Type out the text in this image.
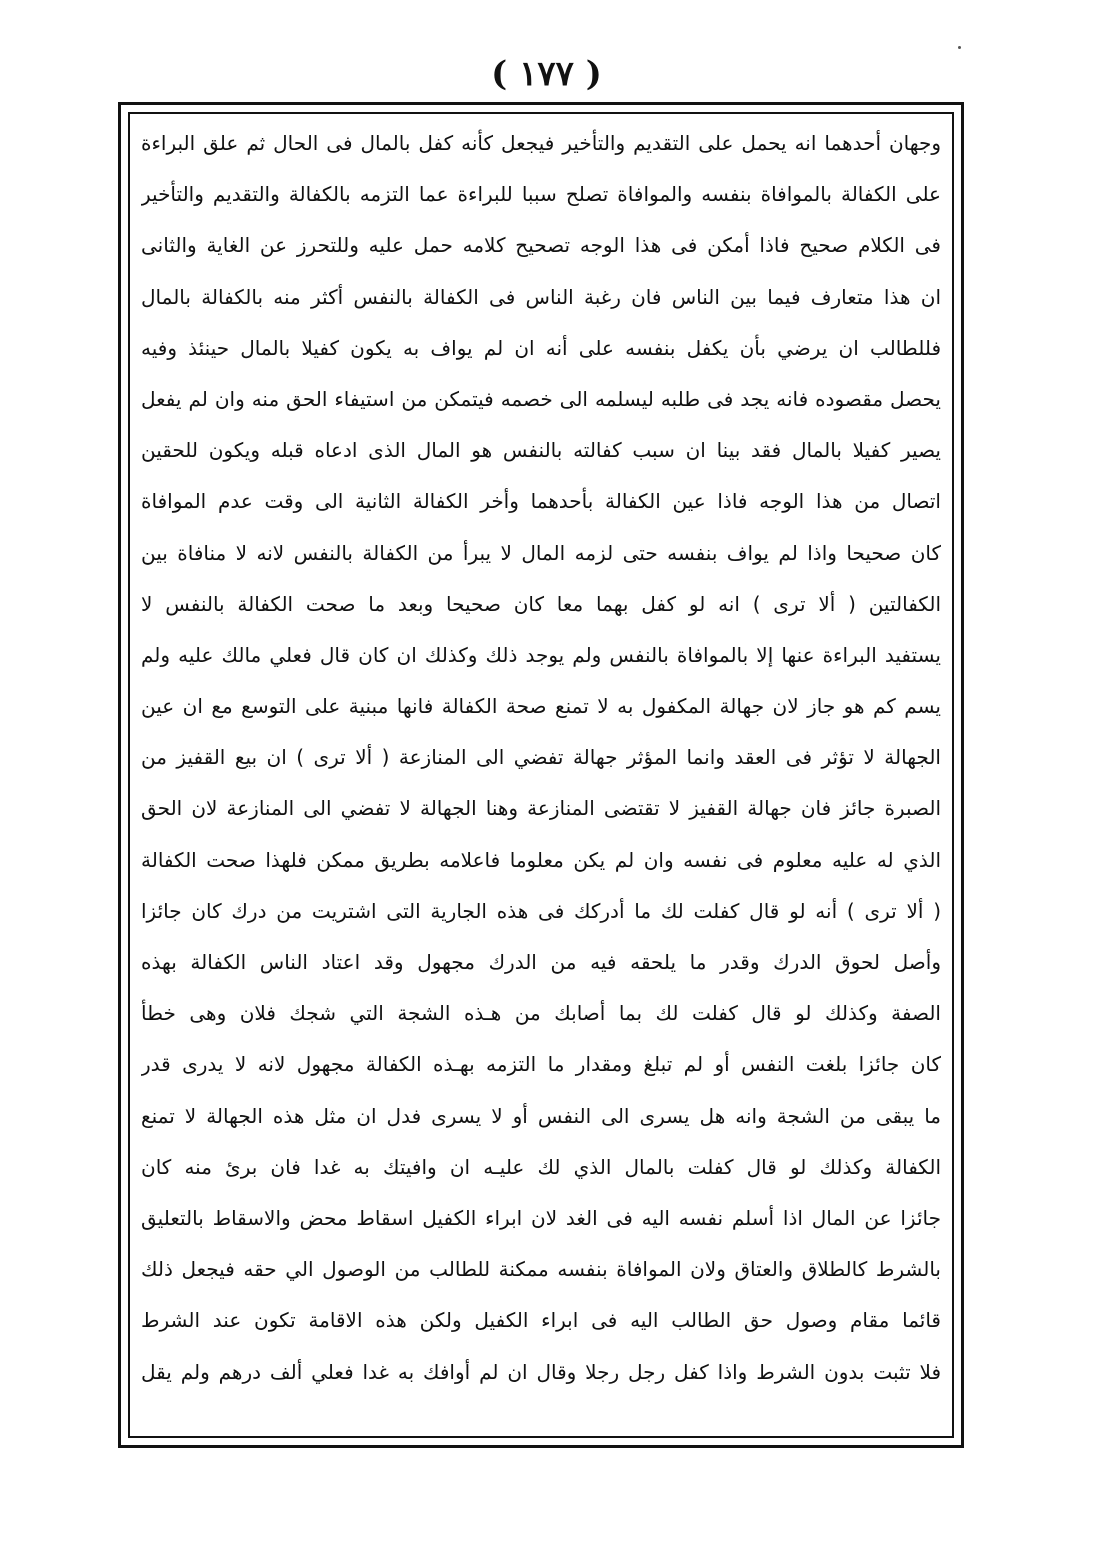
( ١٧٧ )
وجهان أحدهما انه يحمل على التقديم والتأخير فيجعل كأنه كفل بالمال فى الحال ثم علق البراءة
على الكفالة بالموافاة بنفسه والموافاة تصلح سببا للبراءة عما التزمه بالكفالة والتقديم والتأخير
فى الكلام صحيح فاذا أمكن فى هذا الوجه تصحيح كلامه حمل عليه وللتحرز عن الغاية والثانى
ان هذا متعارف فيما بين الناس فان رغبة الناس فى الكفالة بالنفس أكثر منه بالكفالة بالمال
فللطالب ان يرضي بأن يكفل بنفسه على أنه ان لم يواف به يكون كفيلا بالمال حينئذ وفيه
يحصل مقصوده فانه يجد فى طلبه ليسلمه الى خصمه فيتمكن من استيفاء الحق منه وان لم يفعل
يصير كفيلا بالمال فقد بينا ان سبب كفالته بالنفس هو المال الذى ادعاه قبله ويكون للحقين
اتصال من هذا الوجه فاذا عين الكفالة بأحدهما وأخر الكفالة الثانية الى وقت عدم الموافاة
كان صحيحا واذا لم يواف بنفسه حتى لزمه المال لا يبرأ من الكفالة بالنفس لانه لا منافاة بين
الكفالتين ( ألا ترى ) انه لو كفل بهما معا كان صحيحا وبعد ما صحت الكفالة بالنفس لا
يستفيد البراءة عنها إلا بالموافاة بالنفس ولم يوجد ذلك وكذلك ان كان قال فعلي مالك عليه ولم
يسم كم هو جاز لان جهالة المكفول به لا تمنع صحة الكفالة فانها مبنية على التوسع مع ان عين
الجهالة لا تؤثر فى العقد وانما المؤثر جهالة تفضي الى المنازعة ( ألا ترى ) ان بيع القفيز من
الصبرة جائز فان جهالة القفيز لا تقتضى المنازعة وهنا الجهالة لا تفضي الى المنازعة لان الحق
الذي له عليه معلوم فى نفسه وان لم يكن معلوما فاعلامه بطريق ممكن فلهذا صحت الكفالة
( ألا ترى ) أنه لو قال كفلت لك ما أدركك فى هذه الجارية التى اشتريت من درك كان جائزا
وأصل لحوق الدرك وقدر ما يلحقه فيه من الدرك مجهول وقد اعتاد الناس الكفالة بهذه
الصفة وكذلك لو قال كفلت لك بما أصابك من هـذه الشجة التي شجك فلان وهى خطأ
كان جائزا بلغت النفس أو لم تبلغ ومقدار ما التزمه بهـذه الكفالة مجهول لانه لا يدرى قدر
ما يبقى من الشجة وانه هل يسرى الى النفس أو لا يسرى فدل ان مثل هذه الجهالة لا تمنع
الكفالة وكذلك لو قال كفلت بالمال الذي لك عليـه ان وافيتك به غدا فان برئ منه كان
جائزا عن المال اذا أسلم نفسه اليه فى الغد لان ابراء الكفيل اسقاط محض والاسقاط بالتعليق
بالشرط كالطلاق والعتاق ولان الموافاة بنفسه ممكنة للطالب من الوصول الي حقه فيجعل ذلك
قائما مقام وصول حق الطالب اليه فى ابراء الكفيل ولكن هذه الاقامة تكون عند الشرط
فلا تثبت بدون الشرط واذا كفل رجل رجلا وقال ان لم أوافك به غدا فعلي ألف درهم ولم يقل
